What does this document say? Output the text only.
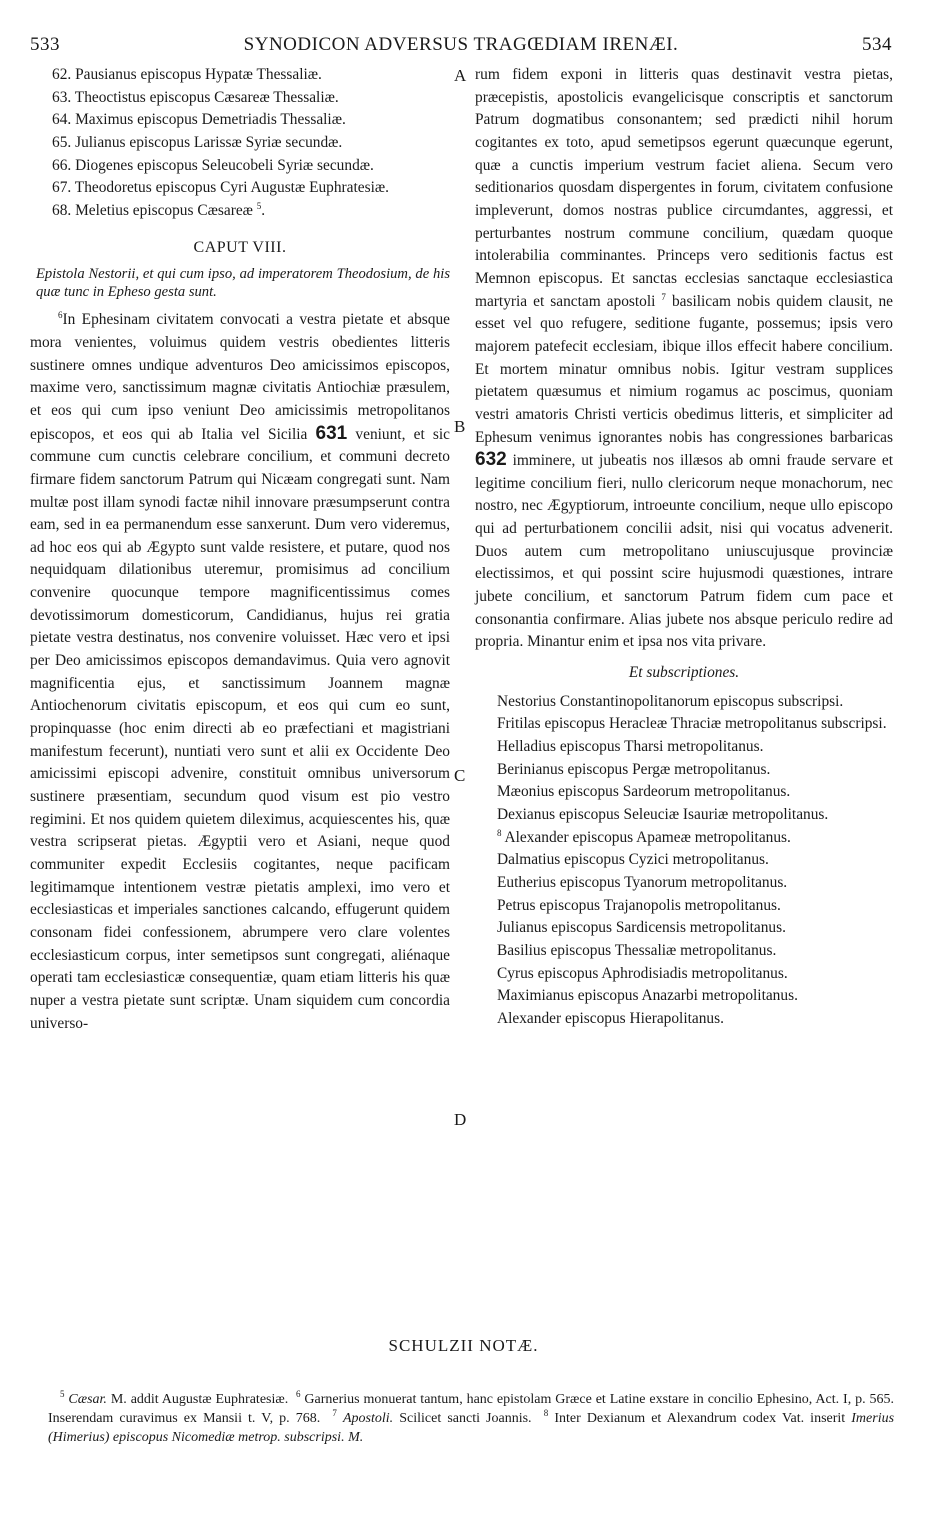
533	SYNODICON ADVERSUS TRAGŒDIAM IRENÆI.	534
A
B
C
D

62. Pausianus episcopus Hypatæ Thessaliæ.

63. Theoctistus episcopus Cæsareæ Thessaliæ.

64. Maximus episcopus Demetriadis Thessaliæ.

65. Julianus episcopus Larissæ Syriæ secundæ.

66. Diogenes episcopus Seleucobeli Syriæ secundæ.

67. Theodoretus episcopus Cyri Augustæ Euphratesiæ.

68. Meletius episcopus Cæsareæ $^5$.

CAPUT VIII.

Epistola Nestorii, et qui cum ipso, ad imperatorem Theodosium, de his quæ tunc in Epheso gesta sunt.

$^6$In Ephesinam civitatem convocati a vestra pietate et absque mora venientes, voluimus quidem vestris obedientes litteris sustinere omnes undique adventuros Deo amicissimos episcopos, maxime vero, sanctissimum magnæ civitatis Antiochiæ præsulem, et eos qui cum ipso veniunt Deo amicissimis metropolitanos episcopos, et eos qui ab Italia vel Sicilia 631 veniunt, et sic commune cum cunctis celebrare concilium, et communi decreto firmare fidem sanctorum Patrum qui Nicæam congregati sunt. Nam multæ post illam synodi factæ nihil innovare præsumpserunt contra eam, sed in ea permanendum esse sanxerunt. Dum vero videremus, ad hoc eos qui ab Ægypto sunt valde resistere, et putare, quod nos nequidquam dilationibus uteremur, promisimus ad concilium convenire quocunque tempore magnificentissimus comes devotissimorum domesticorum, Candidianus, hujus rei gratia pietate vestra destinatus, nos convenire voluisset. Hæc vero et ipsi per Deo amicissimos episcopos demandavimus. Quia vero agnovit magnificentia ejus, et sanctissimum Joannem magnæ Antiochenorum civitatis episcopum, et eos qui cum eo sunt, propinquasse (hoc enim directi ab eo præfectiani et magistriani manifestum fecerunt), nuntiati vero sunt et alii ex Occidente Deo amicissimi episcopi advenire, constituit omnibus universorum sustinere præsentiam, secundum quod visum est pio vestro regimini. Et nos quidem quietem dileximus, acquiescentes his, quæ vestra scripserat pietas. Ægyptii vero et Asiani, neque quod communiter expedit Ecclesiis cogitantes, neque pacificam legitimamque intentionem vestræ pietatis amplexi, imo vero et ecclesiasticas et imperiales sanctiones calcando, effugerunt quidem consonam fidei confessionem, abrumpere vero clare volentes ecclesiasticum corpus, inter semetipsos sunt congregati, aliénaque operati tam ecclesiasticæ consequentiæ, quam etiam litteris his quæ nuper a vestra pietate sunt scriptæ. Unam siquidem cum concordia universo-

rum fidem exponi in litteris quas destinavit vestra pietas, præcepistis, apostolicis evangelicisque conscriptis et sanctorum Patrum dogmatibus consonantem; sed prædicti nihil horum cogitantes ex toto, apud semetipsos egerunt quæcunque egerunt, quæ a cunctis imperium vestrum faciet aliena. Secum vero seditionarios quosdam dispergentes in forum, civitatem confusione impleverunt, domos nostras publice circumdantes, aggressi, et perturbantes nostrum commune concilium, quædam quoque intolerabilia comminantes. Princeps vero seditionis factus est Memnon episcopus. Et sanctas ecclesias sanctaque ecclesiastica martyria et sanctam apostoli $^7$ basilicam nobis quidem clausit, ne esset vel quo refugere, seditione fugante, possemus; ipsis vero majorem patefecit ecclesiam, ibique illos effecit habere concilium. Et mortem minatur omnibus nobis. Igitur vestram supplices pietatem quæsumus et nimium rogamus ac poscimus, quoniam vestri amatoris Christi verticis obedimus litteris, et simpliciter ad Ephesum venimus ignorantes nobis has congressiones barbaricas 632 imminere, ut jubeatis nos illæsos ab omni fraude servare et legitime concilium fieri, nullo clericorum neque monachorum, nec nostro, nec Ægyptiorum, introeunte concilium, neque ullo episcopo qui ad perturbationem concilii adsit, nisi qui vocatus advenerit. Duos autem cum metropolitano uniuscujusque provinciæ electissimos, et qui possint scire hujusmodi quæstiones, intrare jubete concilium, et sanctorum Patrum fidem cum pace et consonantia confirmare. Alias jubete nos absque periculo redire ad propria. Minantur enim et ipsa nos vita privare.

Et subscriptiones.

Nestorius Constantinopolitanorum episcopus subscripsi.

Fritilas episcopus Heracleæ Thraciæ metropolitanus subscripsi.

Helladius episcopus Tharsi metropolitanus.

Berinianus episcopus Pergæ metropolitanus.

Mæonius episcopus Sardeorum metropolitanus.

Dexianus episcopus Seleuciæ Isauriæ metropolitanus.

$^8$ Alexander episcopus Apameæ metropolitanus.

Dalmatius episcopus Cyzici metropolitanus.

Eutherius episcopus Tyanorum metropolitanus.

Petrus episcopus Trajanopolis metropolitanus.

Julianus episcopus Sardicensis metropolitanus.

Basilius episcopus Thessaliæ metropolitanus.

Cyrus episcopus Aphrodisiadis metropolitanus.

Maximianus episcopus Anazarbi metropolitanus.

Alexander episcopus Hierapolitanus.

SCHULZII NOTÆ.

$^5$ Cæsar. M. addit Augustæ Euphratesiæ. $^6$ Garnerius monuerat tantum, hanc epistolam Græce et Latine exstare in concilio Ephesino, Act. I, p. 565. Inserendam curavimus ex Mansii t. V, p. 768. $^7$ Apostoli. Scilicet sancti Joannis. $^8$ Inter Dexianum et Alexandrum codex Vat. inserit Imerius (Himerius) episcopus Nicomediæ metrop. subscripsi. M.
